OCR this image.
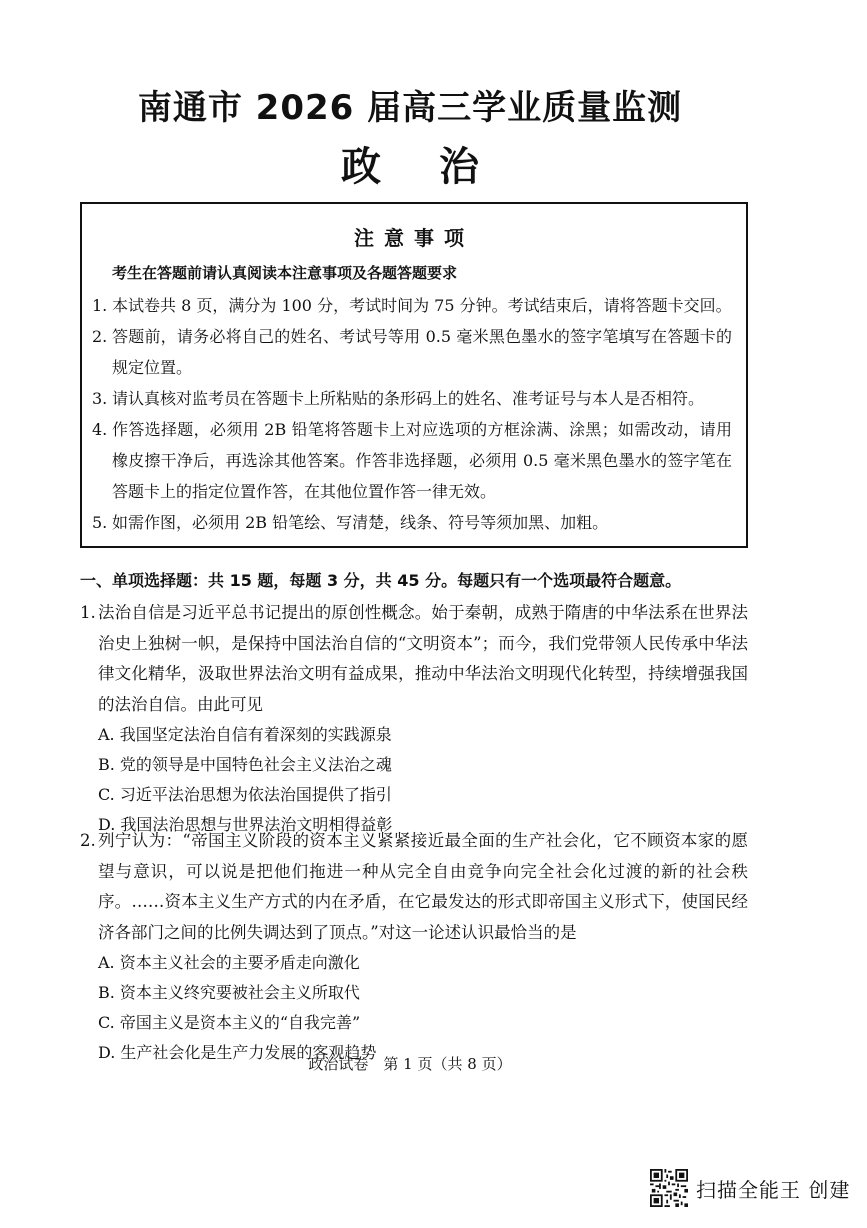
南通市 2026 届高三学业质量监测
政治
注意事项

考生在答题前请认真阅读本注意事项及各题答题要求

1. 本试卷共 8 页，满分为 100 分，考试时间为 75 分钟。考试结束后，请将答题卡交回。
2. 答题前，请务必将自己的姓名、考试号等用 0.5 毫米黑色墨水的签字笔填写在答题卡的规定位置。
3. 请认真核对监考员在答题卡上所粘贴的条形码上的姓名、准考证号与本人是否相符。
4. 作答选择题，必须用 2B 铅笔将答题卡上对应选项的方框涂满、涂黑；如需改动，请用橡皮擦干净后，再选涂其他答案。作答非选择题，必须用 0.5 毫米黑色墨水的签字笔在答题卡上的指定位置作答，在其他位置作答一律无效。
5. 如需作图，必须用 2B 铅笔绘、写清楚，线条、符号等须加黑、加粗。

一、单项选择题：共 15 题，每题 3 分，共 45 分。每题只有一个选项最符合题意。

1. 法治自信是习近平总书记提出的原创性概念。始于秦朝，成熟于隋唐的中华法系在世界法治史上独树一帜，是保持中国法治自信的“文明资本”；而今，我们党带领人民传承中华法律文化精华，汲取世界法治文明有益成果，推动中华法治文明现代化转型，持续增强我国的法治自信。由此可见
A. 我国坚定法治自信有着深刻的实践源泉
B. 党的领导是中国特色社会主义法治之魂
C. 习近平法治思想为依法治国提供了指引
D. 我国法治思想与世界法治文明相得益彰
2. 列宁认为：“帝国主义阶段的资本主义紧紧接近最全面的生产社会化，它不顾资本家的愿望与意识，可以说是把他们拖进一种从完全自由竞争向完全社会化过渡的新的社会秩序。……资本主义生产方式的内在矛盾，在它最发达的形式即帝国主义形式下，使国民经济各部门之间的比例失调达到了顶点。”对这一论述认识最恰当的是
A. 资本主义社会的主要矛盾走向激化
B. 资本主义终究要被社会主义所取代
C. 帝国主义是资本主义的“自我完善”
D. 生产社会化是生产力发展的客观趋势

政治试卷　第 1 页（共 8 页）

扫描全能王 创建
